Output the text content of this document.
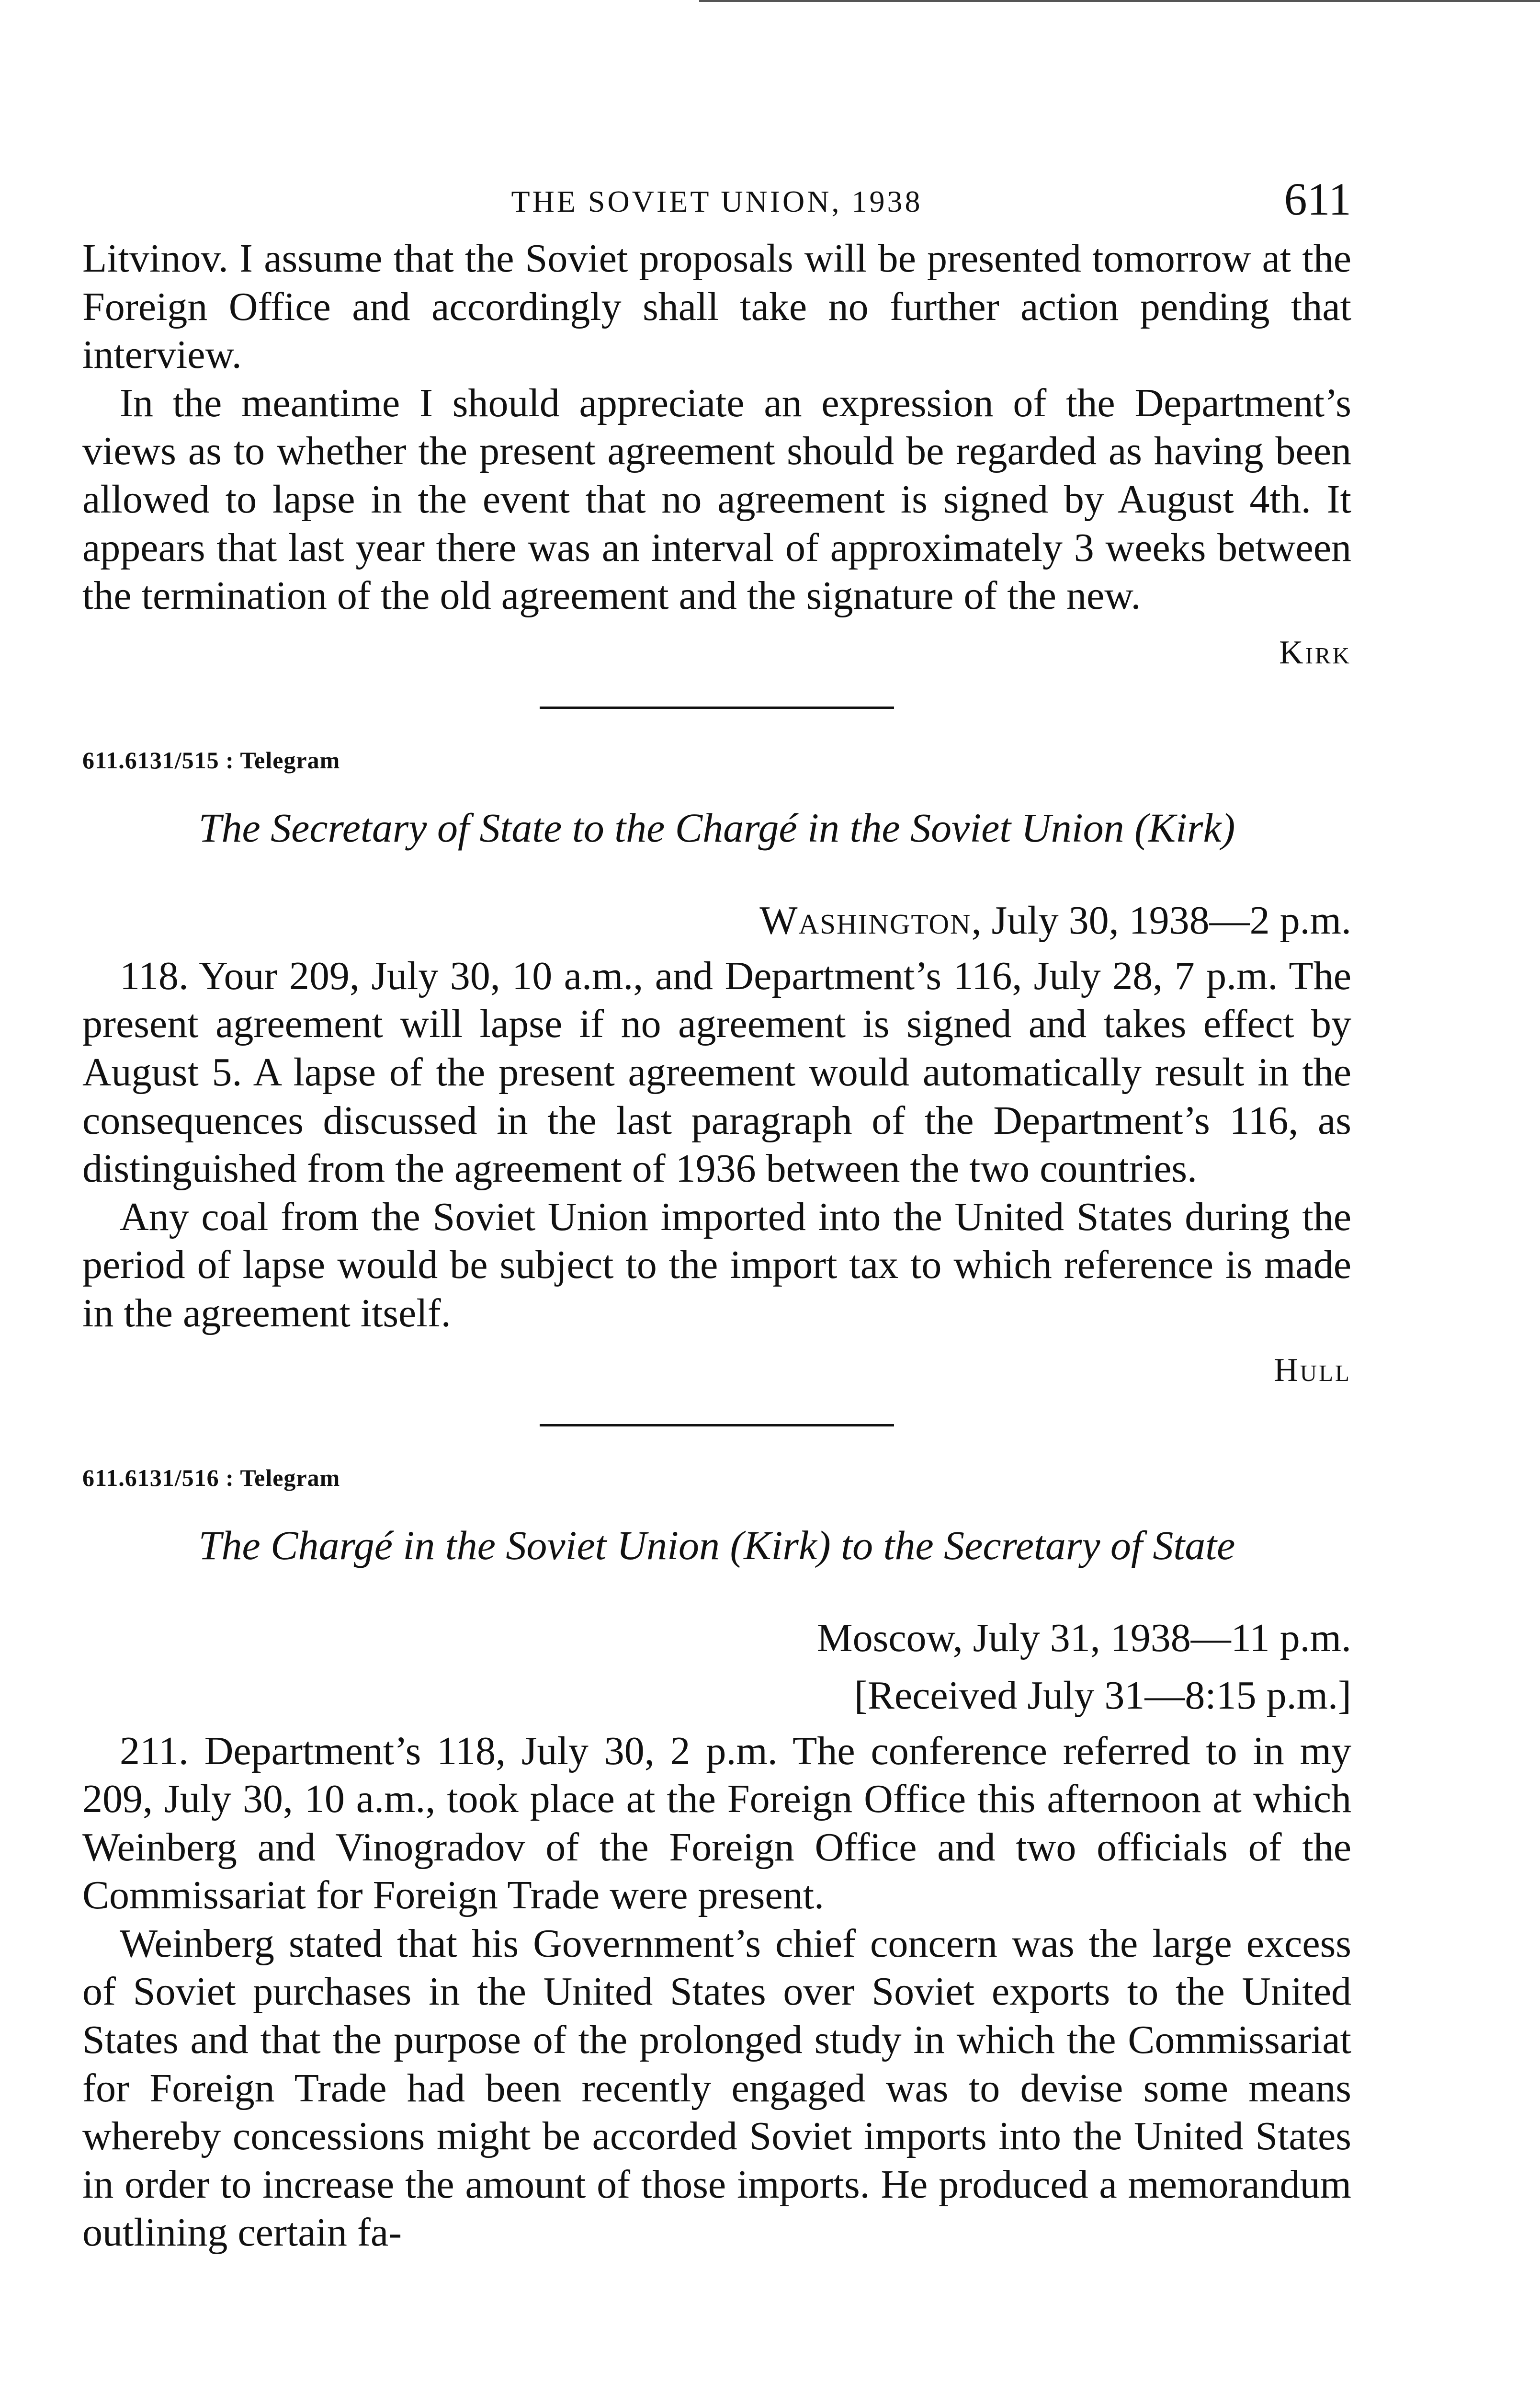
THE SOVIET UNION, 1938	611

Litvinov. I assume that the Soviet proposals will be presented tomorrow at the Foreign Office and accordingly shall take no further action pending that interview.

In the meantime I should appreciate an expression of the Department’s views as to whether the present agreement should be regarded as having been allowed to lapse in the event that no agreement is signed by August 4th. It appears that last year there was an interval of approximately 3 weeks between the termination of the old agreement and the signature of the new.

Kirk
611.6131/515 : Telegram
The Secretary of State to the Chargé in the Soviet Union (Kirk)
Washington, July 30, 1938—2 p.m.

118. Your 209, July 30, 10 a.m., and Department’s 116, July 28, 7 p.m. The present agreement will lapse if no agreement is signed and takes effect by August 5. A lapse of the present agreement would automatically result in the consequences discussed in the last paragraph of the Department’s 116, as distinguished from the agreement of 1936 between the two countries.

Any coal from the Soviet Union imported into the United States during the period of lapse would be subject to the import tax to which reference is made in the agreement itself.

Hull
611.6131/516 : Telegram
The Chargé in the Soviet Union (Kirk) to the Secretary of State
Moscow, July 31, 1938—11 p.m.
[Received July 31—8:15 p.m.]

211. Department’s 118, July 30, 2 p.m. The conference referred to in my 209, July 30, 10 a.m., took place at the Foreign Office this afternoon at which Weinberg and Vinogradov of the Foreign Office and two officials of the Commissariat for Foreign Trade were present.

Weinberg stated that his Government’s chief concern was the large excess of Soviet purchases in the United States over Soviet exports to the United States and that the purpose of the prolonged study in which the Commissariat for Foreign Trade had been recently engaged was to devise some means whereby concessions might be accorded Soviet imports into the United States in order to increase the amount of those imports. He produced a memorandum outlining certain fa-
